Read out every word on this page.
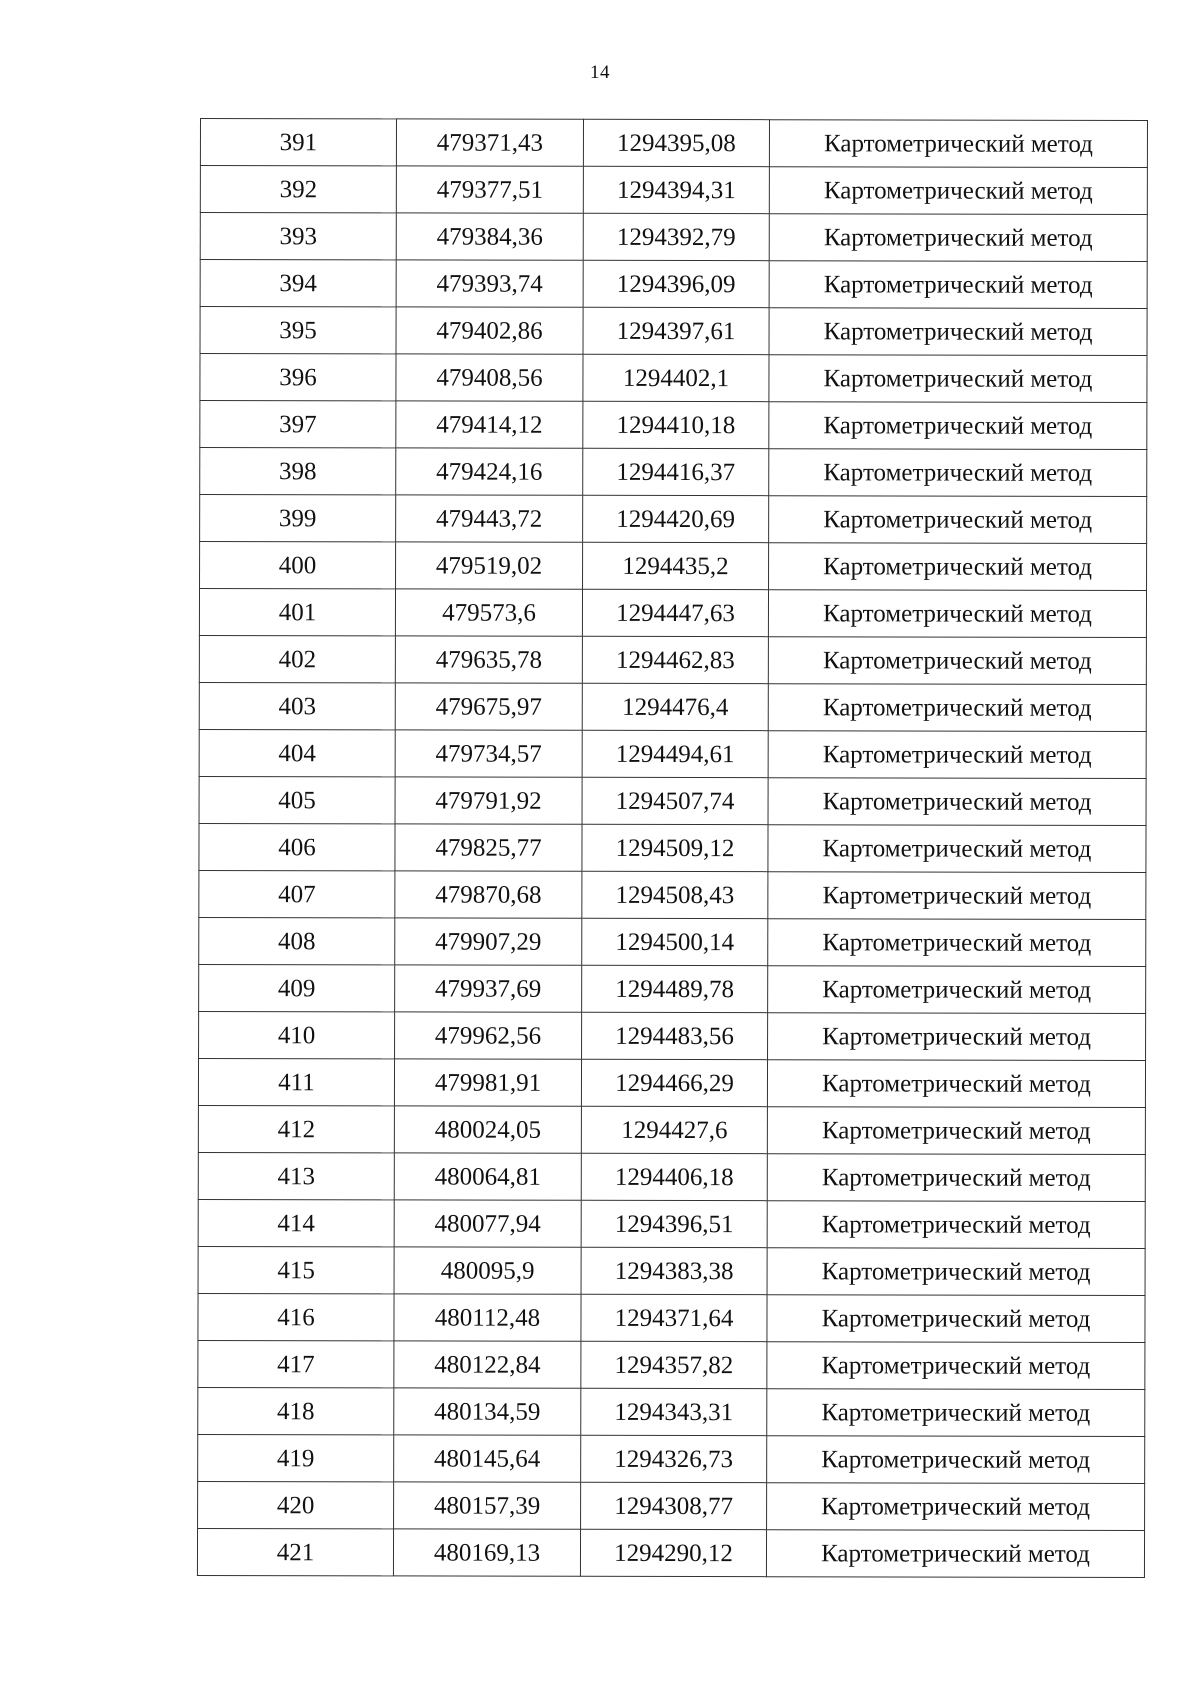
14
391	479371,43	1294395,08	Картометрический метод
392	479377,51	1294394,31	Картометрический метод
393	479384,36	1294392,79	Картометрический метод
394	479393,74	1294396,09	Картометрический метод
395	479402,86	1294397,61	Картометрический метод
396	479408,56	1294402,1	Картометрический метод
397	479414,12	1294410,18	Картометрический метод
398	479424,16	1294416,37	Картометрический метод
399	479443,72	1294420,69	Картометрический метод
400	479519,02	1294435,2	Картометрический метод
401	479573,6	1294447,63	Картометрический метод
402	479635,78	1294462,83	Картометрический метод
403	479675,97	1294476,4	Картометрический метод
404	479734,57	1294494,61	Картометрический метод
405	479791,92	1294507,74	Картометрический метод
406	479825,77	1294509,12	Картометрический метод
407	479870,68	1294508,43	Картометрический метод
408	479907,29	1294500,14	Картометрический метод
409	479937,69	1294489,78	Картометрический метод
410	479962,56	1294483,56	Картометрический метод
411	479981,91	1294466,29	Картометрический метод
412	480024,05	1294427,6	Картометрический метод
413	480064,81	1294406,18	Картометрический метод
414	480077,94	1294396,51	Картометрический метод
415	480095,9	1294383,38	Картометрический метод
416	480112,48	1294371,64	Картометрический метод
417	480122,84	1294357,82	Картометрический метод
418	480134,59	1294343,31	Картометрический метод
419	480145,64	1294326,73	Картометрический метод
420	480157,39	1294308,77	Картометрический метод
421	480169,13	1294290,12	Картометрический метод
